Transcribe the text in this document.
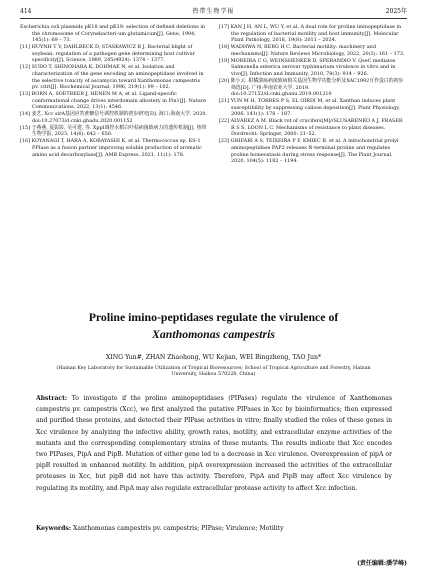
414	热带生物学报	2025年

Escherichia coli plasmids pK18 and pK19: selection of defined deletions in the chromosome of Corynebacteri-um glutamicum[J]. Gene, 1994, 145(1): 69 – 73.

[11] HUYNH T V, DAHLBECK D, STASKAWICZ B J. Bacterial blight of soybean: regulation of a pathogen gene determining host cultivar specificity[J]. Science, 1989, 245(4924): 1374 – 1377.

[12] SUDO T, SHINOHARA K, DOHMAE N, et al. Isolation and characterization of the gene encoding an aminopeptidase involved in the selective toxicity of ascamycin toward Xanthomonas campestris pv. citri[J]. Biochemical Journal, 1996, 319(1): 99 – 102.

[13] BORN A, SOETBEER J, HENEN M A, et al. Ligand-specific conformational change drives interdomain allostery in Pin1[J]. Nature Communications, 2022, 13(1): 4546.

[14] 姜艺. Xcc sirA基因应答蔗糖信号调控机制的初步研究[D]. 海口:海南大学, 2020. doi:10.27073/d.cnki.ghadu.2020.001152

[15] 于燕燕, 夏影影, 吴可建, 等. XppI调控水稻白叶枯病菌致病力的遗传机制[J]. 热带生物学报, 2023, 14(6): 642 – 650.

[16] KOYANAGI T, HARA A, KOBAYASHI K, et al. Thermococcus sp. KS-1 PPIase as a fusion partner improving soluble production of aromatic amino acid decarboxylase[J]. AMB Express, 2021, 11(1): 178.

[17] KAN J H, AN L, WU Y, et al. A dual role for proline iminopeptidase in the regulation of bacterial motility and host immunity[J]. Molecular Plant Pathology, 2018, 19(8): 2011 – 2024.

[18] WADHWA N, BERG H C. Bacterial motility: machinery and mechanisms[J]. Nature Reviews Microbiology, 2022, 20(3): 161 – 173.

[19] MOREIRA C G, WEINSHENKER D, SPERANDIO V. QseC mediates Salmonella enterica serovar typhimurium virulence in vitro and in vivo[J]. Infection and Immunity, 2010, 78(3): 914 – 926.

[20] 陈小云. 柑橘溃疡病菌致病相关基因生物学功能分析及XAC1992互作蛋白的初步筛选[D]. 广州:华南农业大学, 2019. doi:10.27152/d.cnki.ghanu.2019.001210

[21] YUN M H, TORRES P S, EL OIRDI M, et al. Xanthan induces plant susceptibility by suppressing callose deposition[J]. Plant Physiology, 2006, 141(1): 178 – 187.

[22] ALVAREZ A M. Black rot of crucifers[M]//SLUSARENKO A J, FRASER R S S, LOON L C. Mechanisms of resistance to plant diseases. Dordrecht: Springer, 2000: 21–52.

[23] GHIFARI A S, TEIXEIRA P F, KMIEC B, et al. A mitochondrial prolyl aminopeptidase PAP2 releases N-terminal proline and regulates proline homeostasis during stress response[J]. The Plant Journal, 2020, 104(5): 1182 – 1194.

Proline imino-peptidases regulate the virulence of
Xanthomonas campestris
XING Yun#, ZHAN Zhaohong, WU Kejian, WEI Bingzheng, TAO Jun*
(Hainan Key Laboratory for Sustainable Utilization of Tropical Bioresources; School of Tropical Agriculture and Forestry, Hainan University, Haikou 570228, China)
Abstract: To investigate if the proline aminopeptidases (PIPases) regulate the virulence of Xanthomonas campestris pv. campestris (Xcc), we first analyzed the putative PIPases in Xcc by bioinformatics; then expressed and purified these proteins, and detected their PIPase activities in vitro; finally studied the roles of these genes in Xcc virulence by analyzing the infective ability, growth rates, motility, and extracellular enzyme activities of the mutants and the corresponding complementary strains of these mutants. The results indicate that Xcc encodes two PIPases, PipA and PipB. Mutation of either gene led to a decrease in Xcc virulence. Overexpression of pipA or pipB resulted in enhanced motility. In addition, pipA overexpression increased the activities of the extracellular proteases in Xcc, but pipB did not have this activity. Therefore, PipA and PipB may affect Xcc virulence by regulating its motility, and PipA may also regulate extracellular protease activity to affect Xcc infection.
Keywords: Xanthomonas campestris pv. campestris; PIPase; Virulence; Motility
(责任编辑:潘学峰)
